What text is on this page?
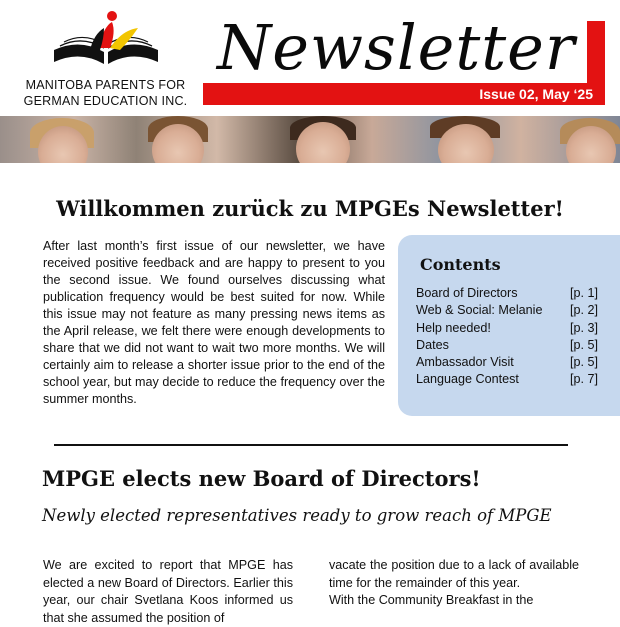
MANITOBA PARENTS FOR
GERMAN EDUCATION INC.
Newsletter
Issue 02, May ‘25
Willkommen zurück zu MPGEs Newsletter!
After last month’s first issue of our newsletter, we have received positive feedback and are happy to present to you the second issue. We found ourselves discussing what publication frequency would be best suited for now. While this issue may not feature as many pressing news items as the April release, we felt there were enough developments to share that we did not want to wait two more months. We will certainly aim to release a shorter issue prior to the end of the school year, but may decide to reduce the frequency over the summer months.
Contents
Board of Directors	[p. 1]
Web & Social: Melanie [p. 2]
Help needed!	[p. 3]
Dates	[p. 5]
Ambassador Visit	[p. 5]
Language Contest	[p. 7]
MPGE elects new Board of Directors!
Newly elected representatives ready to grow reach of MPGE
We are excited to report that MPGE has elected a new Board of Directors. Earlier this year, our chair Svetlana Koos informed us that she assumed the position of
vacate the position due to a lack of available time for the remainder of this year.
With the Community Breakfast in the
